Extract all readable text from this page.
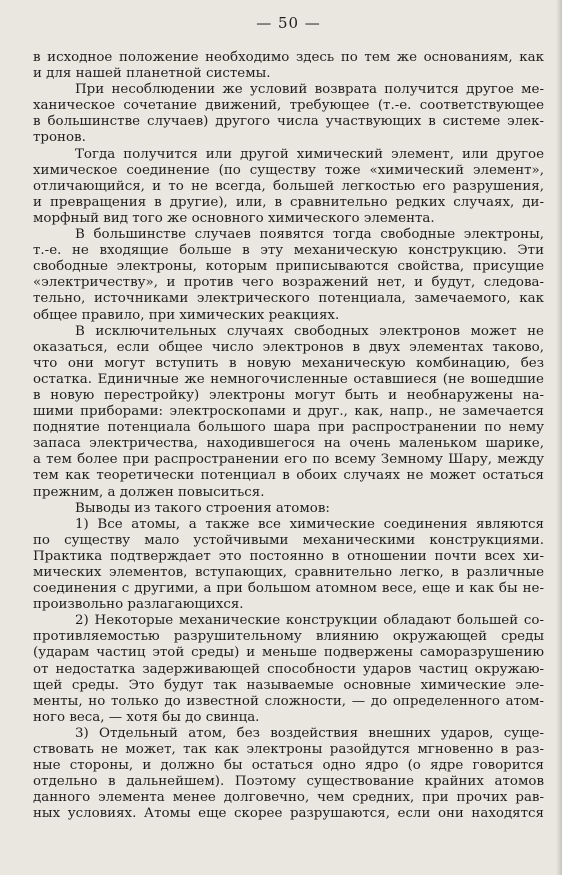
— 50 —
в исходное положение необходимо здесь по тем же основаниям, как
и для нашей планетной системы.
При несоблюдении же условий возврата получится другое ме-
ханическое сочетание движений, требующее (т.-е. соответствующее
в большинстве случаев) другого числа участвующих в системе элек-
тронов.
Тогда получится или другой химический элемент, или другое
химическое соединение (по существу тоже «химический элемент»,
отличающийся, и то не всегда, большей легкостью его разрушения,
и превращения в другие), или, в сравнительно редких случаях, ди-
морфный вид того же основного химического элемента.
В большинстве случаев появятся тогда свободные электроны,
т.-е. не входящие больше в эту механическую конструкцию. Эти
свободные электроны, которым приписываются свойства, присущие
«электричеству», и против чего возражений нет, и будут, следова-
тельно, источниками электрического потенциала, замечаемого, как
общее правило, при химических реакциях.
В исключительных случаях свободных электронов может не
оказаться, если общее число электронов в двух элементах таково,
что они могут вступить в новую механическую комбинацию, без
остатка. Единичные же немногочисленные оставшиеся (не вошедшие
в новую перестройку) электроны могут быть и необнаружены на-
шими приборами: электроскопами и друг., как, напр., не замечается
поднятие потенциала большого шара при распространении по нему
запаса электричества, находившегося на очень маленьком шарике,
а тем более при распространении его по всему Земному Шару, между
тем как теоретически потенциал в обоих случаях не может остаться
прежним, а должен повыситься.
Выводы из такого строения атомов:
1) Все атомы, а также все химические соединения являются
по существу мало устойчивыми механическими конструкциями.
Практика подтверждает это постоянно в отношении почти всех хи-
мических элементов, вступающих, сравнительно легко, в различные
соединения с другими, а при большом атомном весе, еще и как бы не-
произвольно разлагающихся.
2) Некоторые механические конструкции обладают большей со-
противляемостью разрушительному влиянию окружающей среды
(ударам частиц этой среды) и меньше подвержены саморазрушению
от недостатка задерживающей способности ударов частиц окружаю-
щей среды. Это будут так называемые основные химические эле-
менты, но только до известной сложности, — до определенного атом-
ного веса, — хотя бы до свинца.
3) Отдельный атом, без воздействия внешних ударов, суще-
ствовать не может, так как электроны разойдутся мгновенно в раз-
ные стороны, и должно бы остаться одно ядро (о ядре говорится
отдельно в дальнейшем). Поэтому существование крайних атомов
данного элемента менее долговечно, чем средних, при прочих рав-
ных условиях. Атомы еще скорее разрушаются, если они находятся
